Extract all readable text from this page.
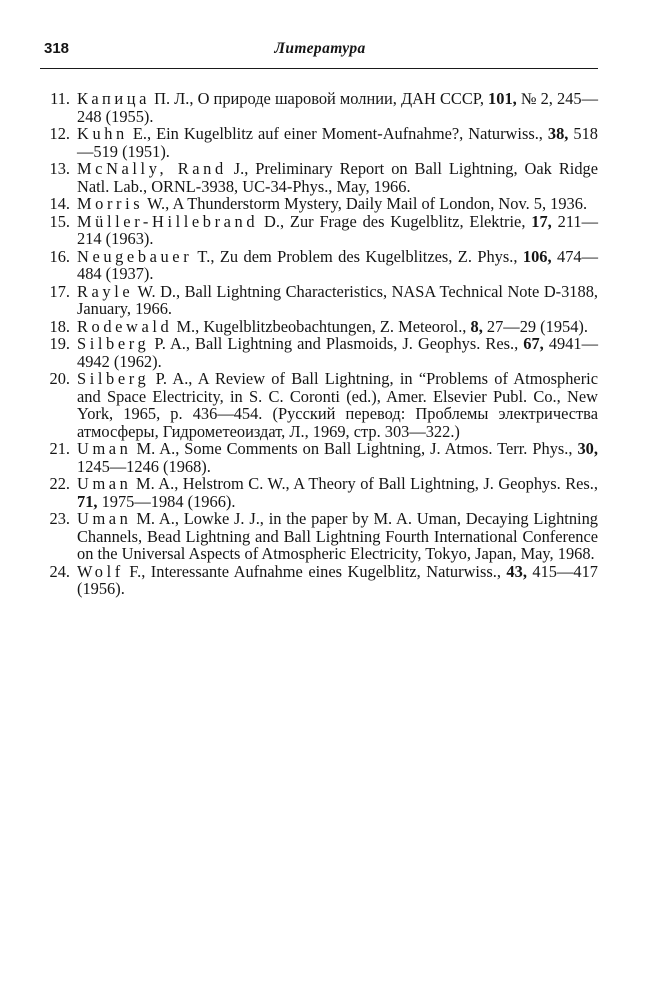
318	Литература
11. Капица П. Л., О природе шаровой молнии, ДАН СССР, 101, № 2, 245—248 (1955).
12. Kuhn E., Ein Kugelblitz auf einer Moment-Aufnahme?, Naturwiss., 38, 518—519 (1951).
13. McNally, Rand J., Preliminary Report on Ball Lightning, Oak Ridge Natl. Lab., ORNL-3938, UC-34-Phys., May, 1966.
14. Morris W., A Thunderstorm Mystery, Daily Mail of London, Nov. 5, 1936.
15. Müller-Hillebrand D., Zur Frage des Kugelblitz, Elektrie, 17, 211—214 (1963).
16. Neugebauer T., Zu dem Problem des Kugelblitzes, Z. Phys., 106, 474—484 (1937).
17. Rayle W. D., Ball Lightning Characteristics, NASA Technical Note D-3188, January, 1966.
18. Rodewald M., Kugelblitzbeobachtungen, Z. Meteorol., 8, 27—29 (1954).
19. Silberg P. A., Ball Lightning and Plasmoids, J. Geophys. Res., 67, 4941—4942 (1962).
20. Silberg P. A., A Review of Ball Lightning, in “Problems of Atmospheric and Space Electricity, in S. C. Coronti (ed.), Amer. Elsevier Publ. Co., New York, 1965, p. 436—454. (Русский перевод: Проблемы электричества атмосферы, Гидрометеоиздат, Л., 1969, стр. 303—322.)
21. Uman M. A., Some Comments on Ball Lightning, J. Atmos. Terr. Phys., 30, 1245—1246 (1968).
22. Uman M. A., Helstrom C. W., A Theory of Ball Lightning, J. Geophys. Res., 71, 1975—1984 (1966).
23. Uman M. A., Lowke J. J., in the paper by M. A. Uman, Decaying Lightning Channels, Bead Lightning and Ball Lightning Fourth International Conference on the Universal Aspects of Atmospheric Electricity, Tokyo, Japan, May, 1968.
24. Wolf F., Interessante Aufnahme eines Kugelblitz, Naturwiss., 43, 415—417 (1956).
